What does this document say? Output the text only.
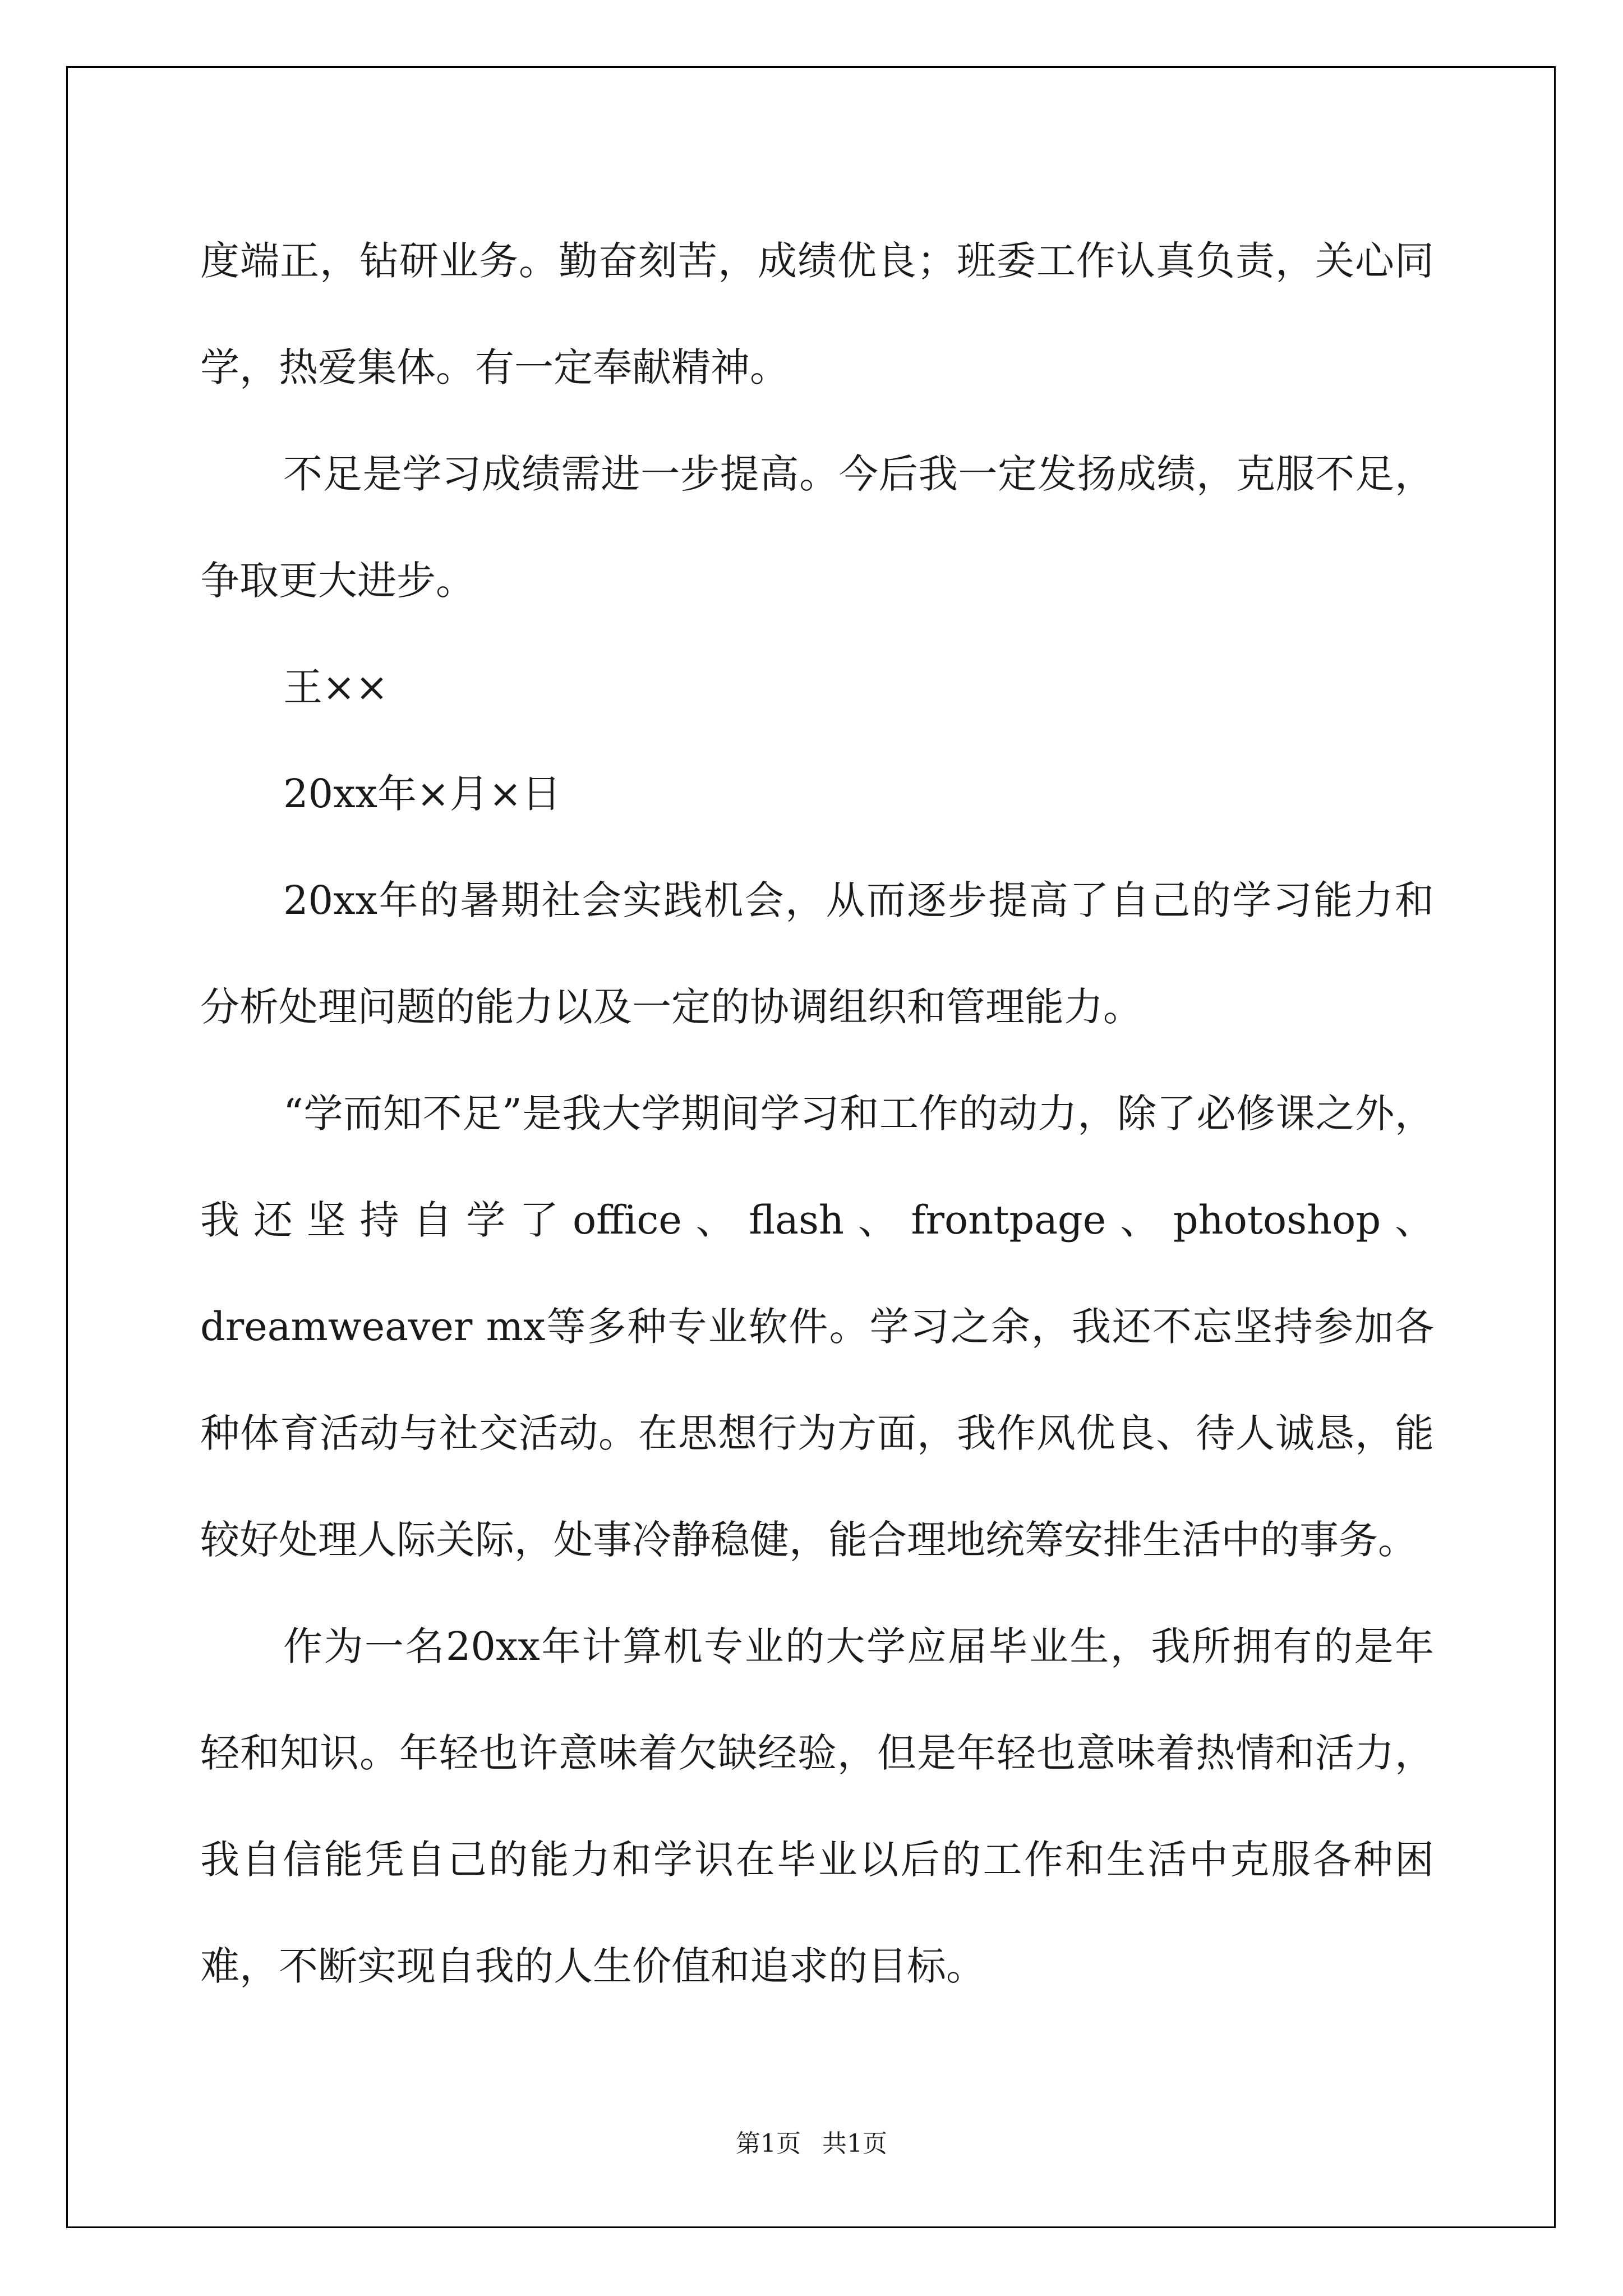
度端正，钻研业务。勤奋刻苦，成绩优良；班委工作认真负责，关心同学，热爱集体。有一定奉献精神。

不足是学习成绩需进一步提高。今后我一定发扬成绩，克服不足，争取更大进步。

王××

20xx年×月×日

20xx年的暑期社会实践机会，从而逐步提高了自己的学习能力和分析处理问题的能力以及一定的协调组织和管理能力。

“学而知不足”是我大学期间学习和工作的动力，除了必修课之外，我还坚持自学了office、flash、frontpage、photoshop、dreamweaver mx等多种专业软件。学习之余，我还不忘坚持参加各种体育活动与社交活动。在思想行为方面，我作风优良、待人诚恳，能较好处理人际关际，处事冷静稳健，能合理地统筹安排生活中的事务。

作为一名20xx年计算机专业的大学应届毕业生，我所拥有的是年轻和知识。年轻也许意味着欠缺经验，但是年轻也意味着热情和活力，我自信能凭自己的能力和学识在毕业以后的工作和生活中克服各种困难，不断实现自我的人生价值和追求的目标。

第1页 共1页
